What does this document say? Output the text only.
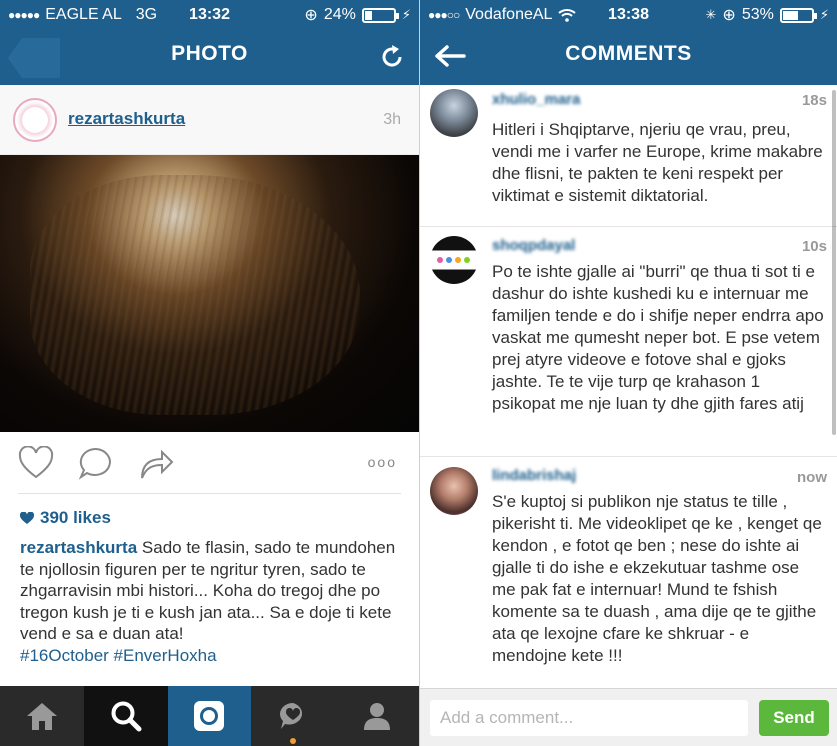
●●●●● EAGLE AL 3G 13:32	⊕ 24%	⚡
PHOTO
rezartashkurta	3h
ooo
390 likes
rezartashkurta Sado te flasin, sado te mundohen te njollosin figuren per te ngritur tyren, sado te zhgarravisin mbi histori... Koha do tregoj dhe po tregon kush je ti e kush jan ata... Sa e doje ti kete vend e sa e duan ata!
#16October #EnverHoxha
●●●○○ VodafoneAL	13:38	✳ ⊕ 53%	⚡
COMMENTS
xhulio_mara	18s
Hitleri i Shqiptarve, njeriu qe vrau, preu, vendi me i varfer ne Europe, krime makabre dhe flisni, te pakten te keni respekt per viktimat e sistemit diktatorial.
shoqpdayal	10s
Po te ishte gjalle ai "burri" qe thua ti sot ti e dashur do ishte kushedi ku e internuar me familjen tende e do i shifje neper endrra apo vaskat me qumesht neper bot. E pse vetem prej atyre videove e fotove shal e gjoks jashte. Te te vije turp qe krahason 1 psikopat me nje luan ty dhe gjith fares atij
lindabrishaj	now
S'e kuptoj si publikon nje status te tille , pikerisht ti. Me videoklipet qe ke , kenget qe kendon , e fotot qe ben ; nese do ishte ai gjalle ti do ishe e ekzekutuar tashme ose me pak fat e internuar! Mund te fshish komente sa te duash , ama dije qe te gjithe ata qe lexojne cfare ke shkruar - e mendojne kete !!!
Add a comment...
Send
